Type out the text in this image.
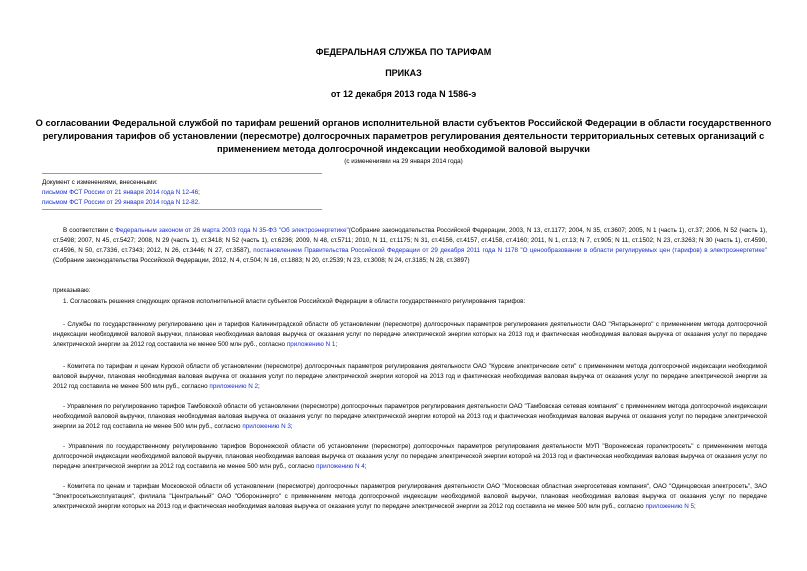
ФЕДЕРАЛЬНАЯ СЛУЖБА ПО ТАРИФАМ
ПРИКАЗ
от 12 декабря 2013 года N 1586-э
О согласовании Федеральной службой по тарифам решений органов исполнительной власти субъектов Российской Федерации в области государственного
регулирования тарифов об установлении (пересмотре) долгосрочных параметров регулирования деятельности территориальных сетевых организаций с
применением метода долгосрочной индексации необходимой валовой выручки
(с изменениями на 29 января 2014 года)
Документ с изменениями, внесенными:
письмом ФСТ России от 21 января 2014 года N 12-46;
письмом ФСТ России от 29 января 2014 года N 12-82.
В соответствии с Федеральным законом от 26 марта 2003 года N 35-ФЗ "Об электроэнергетике"(Собрание законодательства Российской Федерации, 2003, N 13, ст.1177; 2004, N 35, ст.3607; 2005, N 1 (часть 1), ст.37; 2006, N 52 (часть 1), ст.5498; 2007, N 45, ст.5427; 2008, N 29 (часть 1), ст.3418; N 52 (часть 1), ст.6236; 2009, N 48, ст.5711; 2010, N 11, ст.1175; N 31, ст.4156, ст.4157, ст.4158, ст.4160; 2011, N 1, ст.13; N 7, ст.905; N 11, ст.1502; N 23, ст.3263; N 30 (часть 1), ст.4590, ст.4596, N 50, ст.7336, ст.7343; 2012, N 26, ст.3446; N 27, ст.3587), постановлением Правительства Российской Федерации от 29 декабря 2011 года N 1178 "О ценообразовании в области регулируемых цен (тарифов) в электроэнергетике" (Собрание законодательства Российской Федерации, 2012, N 4, ст.504; N 16, ст.1883; N 20, ст.2539; N 23, ст.3008; N 24, ст.3185; N 28, ст.3897)
приказываю:
1. Согласовать решения следующих органов исполнительной власти субъектов Российской Федерации в области государственного регулирования тарифов:
- Службы по государственному регулированию цен и тарифов Калининградской области об установлении (пересмотре) долгосрочных параметров регулирования деятельности ОАО "Янтарьэнерго" с применением метода долгосрочной индексации необходимой валовой выручки, плановая необходимая валовая выручка от оказания услуг по передаче электрической энергии которых на 2013 год и фактическая необходимая валовая выручка от оказания услуг по передаче электрической энергии за 2012 год составила не менее 500 млн руб., согласно приложению N 1;
- Комитета по тарифам и ценам Курской области об установлении (пересмотре) долгосрочных параметров регулирования деятельности ОАО "Курские электрические сети" с применением метода долгосрочной индексации необходимой валовой выручки, плановая необходимая валовая выручка от оказания услуг по передаче электрической энергии которой на 2013 год и фактическая необходимая валовая выручка от оказания услуг по передаче электрической энергии за 2012 год составила не менее 500 млн руб., согласно приложению N 2;
- Управления по регулированию тарифов Тамбовской области об установлении (пересмотре) долгосрочных параметров регулирования деятельности ОАО "Тамбовская сетевая компания" с применением метода долгосрочной индексации необходимой валовой выручки, плановая необходимая валовая выручка от оказания услуг по передаче электрической энергии которой на 2013 год и фактическая необходимая валовая выручка от оказания услуг по передаче электрической энергии за 2012 год составила не менее 500 млн руб., согласно приложению N 3;
- Управления по государственному регулированию тарифов Воронежской области об установлении (пересмотре) долгосрочных параметров регулирования деятельности МУП "Воронежская горэлектросеть" с применением метода долгосрочной индексации необходимой валовой выручки, плановая необходимая валовая выручка от оказания услуг по передаче электрической энергии которой на 2013 год и фактическая необходимая валовая выручка от оказания услуг по передаче электрической энергии за 2012 год составила не менее 500 млн руб., согласно приложению N 4;
- Комитета по ценам и тарифам Московской области об установлении (пересмотре) долгосрочных параметров регулирования деятельности ОАО "Московская областная энергосетевая компания", ОАО "Одинцовская электросеть", ЗАО "Электросетьэксплуатация", филиала "Центральный" ОАО "Оборонэнерго" с применением метода долгосрочной индексации необходимой валовой выручки, плановая необходимая валовая выручка от оказания услуг по передаче электрической энергии которых на 2013 год и фактическая необходимая валовая выручка от оказания услуг по передаче электрической энергии за 2012 год составила не менее 500 млн руб., согласно приложению N 5;
